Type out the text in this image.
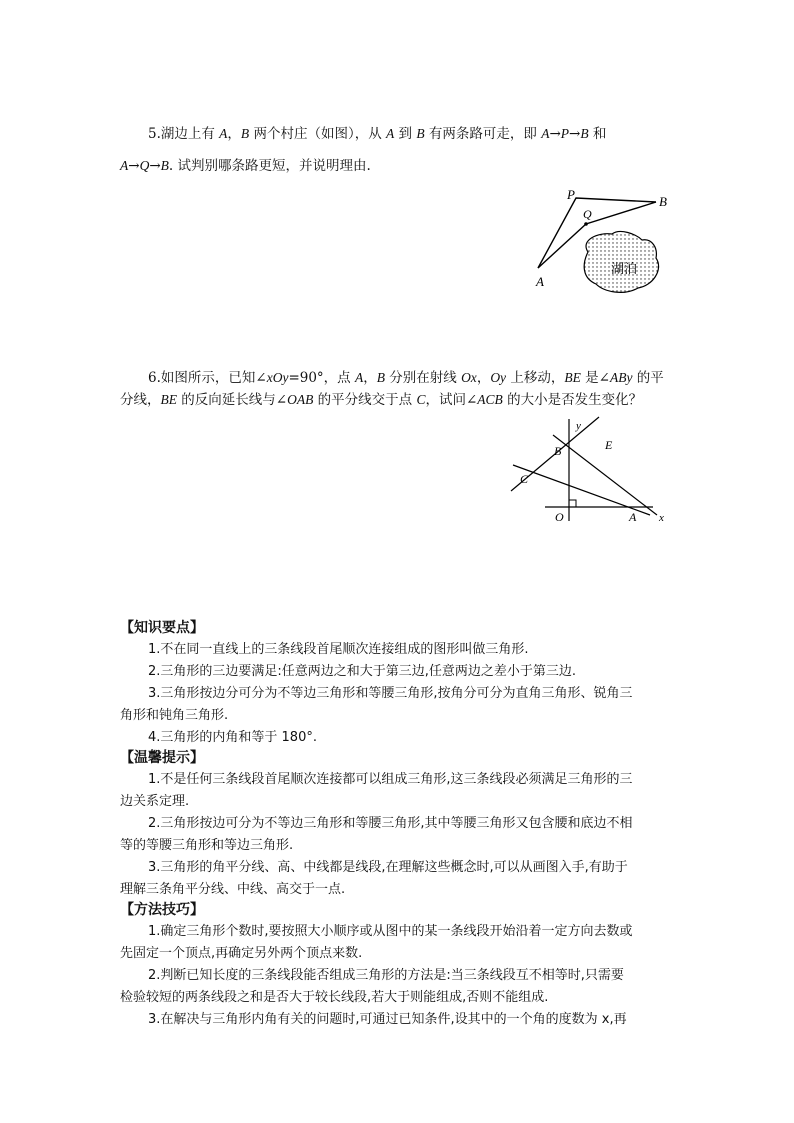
5.湖边上有 A，B 两个村庄（如图），从 A 到 B 有两条路可走，即 A→P→B 和
A→Q→B. 试判别哪条路更短，并说明理由.
P
Q
B
A
湖泊
6.如图所示，已知∠xOy=90°，点 A，B 分别在射线 Ox，Oy 上移动，BE 是∠ABy 的平
分线，BE 的反向延长线与∠OAB 的平分线交于点 C，试问∠ACB 的大小是否发生变化？
y
E
B
C
O	A x
【知识要点】
1.不在同一直线上的三条线段首尾顺次连接组成的图形叫做三角形.
2.三角形的三边要满足:任意两边之和大于第三边,任意两边之差小于第三边.
3.三角形按边分可分为不等边三角形和等腰三角形,按角分可分为直角三角形、锐角三
角形和钝角三角形.
4.三角形的内角和等于 180°.
【温馨提示】
1.不是任何三条线段首尾顺次连接都可以组成三角形,这三条线段必须满足三角形的三
边关系定理.
2.三角形按边可分为不等边三角形和等腰三角形,其中等腰三角形又包含腰和底边不相
等的等腰三角形和等边三角形.
3.三角形的角平分线、高、中线都是线段,在理解这些概念时,可以从画图入手,有助于
理解三条角平分线、中线、高交于一点.
【方法技巧】
1.确定三角形个数时,要按照大小顺序或从图中的某一条线段开始沿着一定方向去数或
先固定一个顶点,再确定另外两个顶点来数.
2.判断已知长度的三条线段能否组成三角形的方法是:当三条线段互不相等时,只需要
检验较短的两条线段之和是否大于较长线段,若大于则能组成,否则不能组成.
3.在解决与三角形内角有关的问题时,可通过已知条件,设其中的一个角的度数为 x,再
